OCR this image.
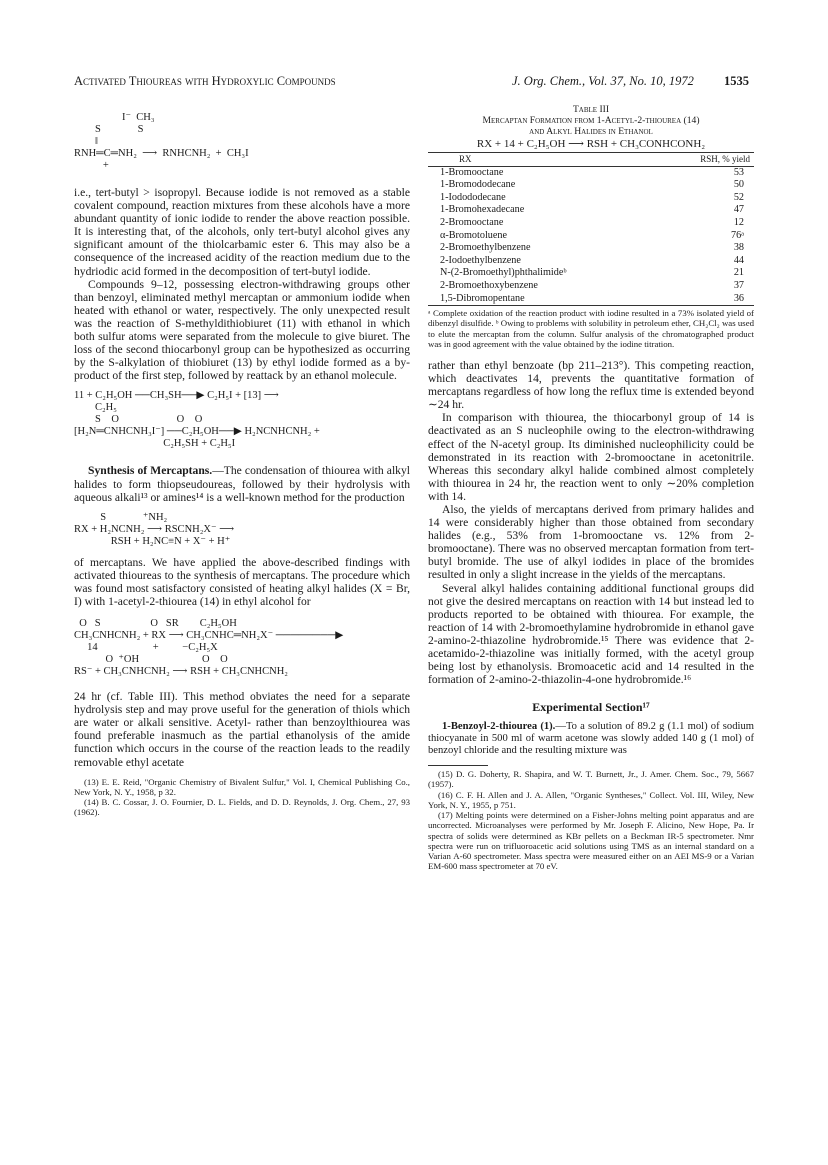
Activated Thioureas with Hydroxylic Compounds	J. Org. Chem., Vol. 37, No. 10, 1972 1535
I⁻  CH₃
S              S
‖
RNH═C═NH₂  ⟶  RNHCNH₂  +  CH₃I
+

i.e., tert-butyl > isopropyl. Because iodide is not removed as a stable covalent compound, reaction mixtures from these alcohols have a more abundant quantity of ionic iodide to render the above reaction possible. It is interesting that, of the alcohols, only tert-butyl alcohol gives any significant amount of the thiolcarbamic ester 6. This may also be a consequence of the increased acidity of the reaction medium due to the hydriodic acid formed in the decomposition of tert-butyl iodide.

Compounds 9–12, possessing electron-withdrawing groups other than benzoyl, eliminated methyl mercaptan or ammonium iodide when heated with ethanol or water, respectively. The only unexpected result was the reaction of S-methyldithiobiuret (11) with ethanol in which both sulfur atoms were separated from the molecule to give biuret. The loss of the second thiocarbonyl group can be hypothesized as occurring by the S-alkylation of thiobiuret (13) by ethyl iodide formed as a by-product of the first step, followed by reattack by an ethanol molecule.

11 + C₂H₅OH ──CH₃SH──▶ C₂H₅I + [13] ⟶
C₂H₅
S    O                      O    O
[H₂N═CNHCNH₃I⁻] ──C₂H₅OH──▶ H₂NCNHCNH₂ +
C₂H₅SH + C₂H₅I

Synthesis of Mercaptans.—The condensation of thiourea with alkyl halides to form thiopseudoureas, followed by their hydrolysis with aqueous alkali¹³ or amines¹⁴ is a well-known method for the production

S              ⁺NH₂
RX + H₂NCNH₂ ⟶ RSCNH₂X⁻ ⟶
RSH + H₂NC≡N + X⁻ + H⁺

of mercaptans. We have applied the above-described findings with activated thioureas to the synthesis of mercaptans. The procedure which was found most satisfactory consisted of heating alkyl halides (X = Br, I) with 1-acetyl-2-thiourea (14) in ethyl alcohol for

O   S                   O   SR        C₂H₅OH
CH₃CNHCNH₂ + RX ⟶ CH₃CNHC═NH₂X⁻ ────────▶
14                     +         −C₂H₅X
O  ⁺OH                        O    O
RS⁻ + CH₃CNHCNH₂ ⟶ RSH + CH₃CNHCNH₂

24 hr (cf. Table III). This method obviates the need for a separate hydrolysis step and may prove useful for the generation of thiols which are water or alkali sensitive. Acetyl- rather than benzoylthiourea was found preferable inasmuch as the partial ethanolysis of the amide function which occurs in the course of the reaction leads to the readily removable ethyl acetate

(13) E. E. Reid, "Organic Chemistry of Bivalent Sulfur," Vol. I, Chemical Publishing Co., New York, N. Y., 1958, p 32.
(14) B. C. Cossar, J. O. Fournier, D. L. Fields, and D. D. Reynolds, J. Org. Chem., 27, 93 (1962).
Table III
Mercaptan Formation from 1-Acetyl-2-thiourea (14)
and Alkyl Halides in Ethanol
RX + 14 + C₂H₅OH ⟶ RSH + CH₃CONHCONH₂
RX	RSH, % yield
1-Bromooctane	53
1-Bromododecane	50
1-Iodododecane	52
1-Bromohexadecane	47
2-Bromooctane	12
α-Bromotoluene	76ᵃ
2-Bromoethylbenzene	38
2-Iodoethylbenzene	44
N-(2-Bromoethyl)phthalimideᵇ	21
2-Bromoethoxybenzene	37
1,5-Dibromopentane	36
ᵃ Complete oxidation of the reaction product with iodine resulted in a 73% isolated yield of dibenzyl disulfide. ᵇ Owing to problems with solubility in petroleum ether, CH₂Cl₂ was used to elute the mercaptan from the column. Sulfur analysis of the chromatographed product was in good agreement with the value obtained by the iodine titration.

rather than ethyl benzoate (bp 211–213°). This competing reaction, which deactivates 14, prevents the quantitative formation of mercaptans regardless of how long the reflux time is extended beyond ∼24 hr.

In comparison with thiourea, the thiocarbonyl group of 14 is deactivated as an S nucleophile owing to the electron-withdrawing effect of the N-acetyl group. Its diminished nucleophilicity could be demonstrated in its reaction with 2-bromooctane in acetonitrile. Whereas this secondary alkyl halide combined almost completely with thiourea in 24 hr, the reaction went to only ∼20% completion with 14.

Also, the yields of mercaptans derived from primary halides and 14 were considerably higher than those obtained from secondary halides (e.g., 53% from 1-bromooctane vs. 12% from 2-bromooctane). There was no observed mercaptan formation from tert-butyl bromide. The use of alkyl iodides in place of the bromides resulted in only a slight increase in the yields of the mercaptans.

Several alkyl halides containing additional functional groups did not give the desired mercaptans on reaction with 14 but instead led to products reported to be obtained with thiourea. For example, the reaction of 14 with 2-bromoethylamine hydrobromide in ethanol gave 2-amino-2-thiazoline hydrobromide.¹⁵ There was evidence that 2-acetamido-2-thiazoline was initially formed, with the acetyl group being lost by ethanolysis. Bromoacetic acid and 14 resulted in the formation of 2-amino-2-thiazolin-4-one hydrobromide.¹⁶

Experimental Section¹⁷

1-Benzoyl-2-thiourea (1).—To a solution of 89.2 g (1.1 mol) of sodium thiocyanate in 500 ml of warm acetone was slowly added 140 g (1 mol) of benzoyl chloride and the resulting mixture was

(15) D. G. Doherty, R. Shapira, and W. T. Burnett, Jr., J. Amer. Chem. Soc., 79, 5667 (1957).
(16) C. F. H. Allen and J. A. Allen, "Organic Syntheses," Collect. Vol. III, Wiley, New York, N. Y., 1955, p 751.
(17) Melting points were determined on a Fisher-Johns melting point apparatus and are uncorrected. Microanalyses were performed by Mr. Joseph F. Alicino, New Hope, Pa. Ir spectra of solids were determined as KBr pellets on a Beckman IR-5 spectrometer. Nmr spectra were run on trifluoroacetic acid solutions using TMS as an internal standard on a Varian A-60 spectrometer. Mass spectra were measured either on an AEI MS-9 or a Varian EM-600 mass spectrometer at 70 eV.
